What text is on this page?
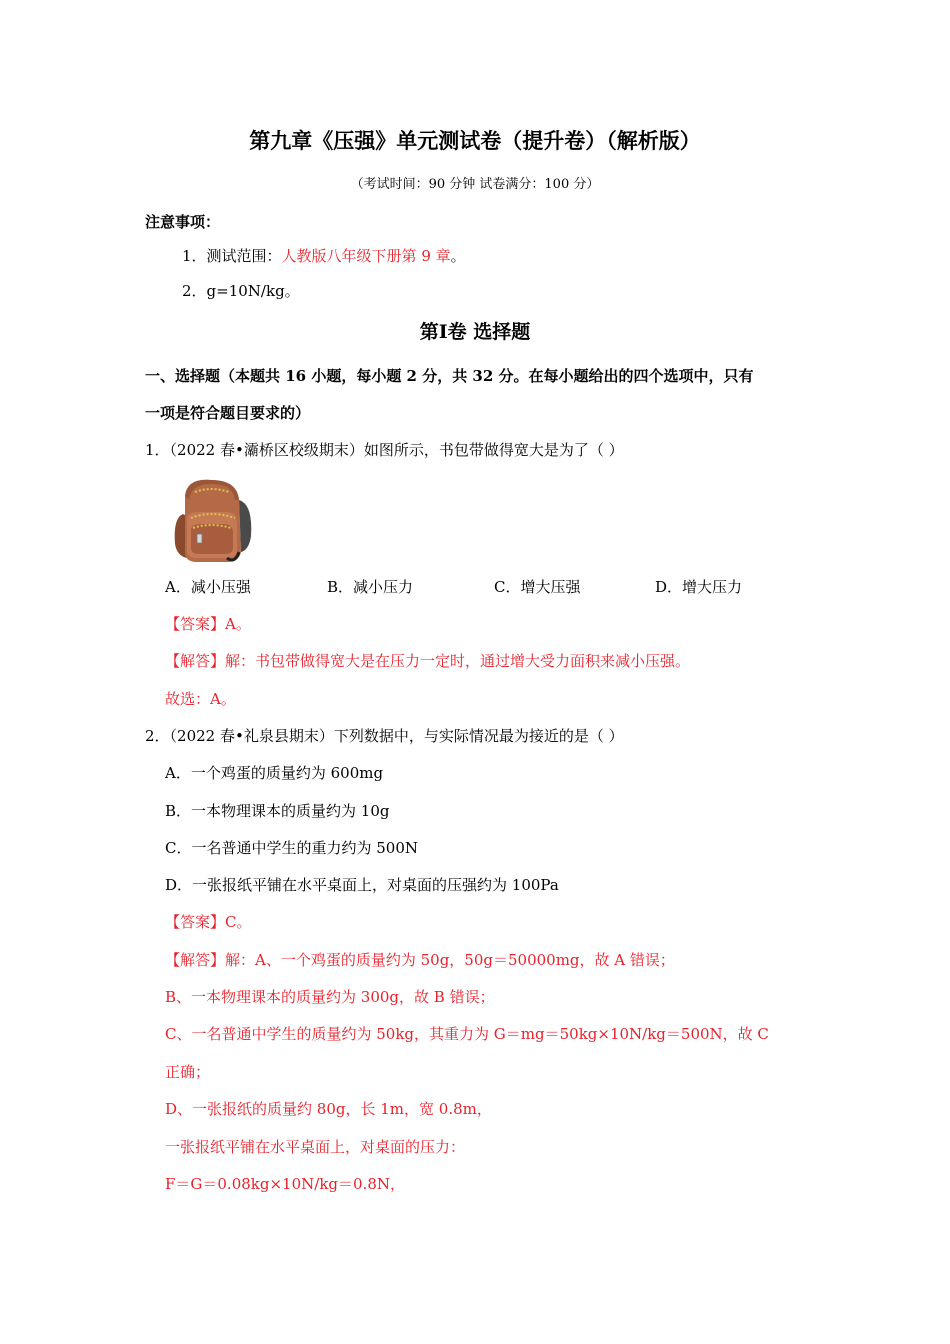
第九章《压强》单元测试卷（提升卷）（解析版）
（考试时间：90 分钟 试卷满分：100 分）
注意事项：
1．测试范围：人教版八年级下册第 9 章。
2．g=10N/kg。
第Ⅰ卷 选择题
一、选择题（本题共 16 小题，每小题 2 分，共 32 分。在每小题给出的四个选项中，只有
一项是符合题目要求的）
1．（2022 春•灞桥区校级期末）如图所示，书包带做得宽大是为了（ ）
A．减小压强	B．减小压力	C．增大压强	D．增大压力
【答案】A。
【解答】解：书包带做得宽大是在压力一定时，通过增大受力面积来减小压强。
故选：A。
2．（2022 春•礼泉县期末）下列数据中，与实际情况最为接近的是（ ）
A．一个鸡蛋的质量约为 600mg
B．一本物理课本的质量约为 10g
C．一名普通中学生的重力约为 500N
D．一张报纸平铺在水平桌面上，对桌面的压强约为 100Pa
【答案】C。
【解答】解：A、一个鸡蛋的质量约为 50g，50g＝50000mg，故 A 错误；
B、一本物理课本的质量约为 300g，故 B 错误；
C、一名普通中学生的质量约为 50kg，其重力为 G＝mg＝50kg×10N/kg＝500N，故 C
正确；
D、一张报纸的质量约 80g，长 1m，宽 0.8m，
一张报纸平铺在水平桌面上，对桌面的压力：
F＝G＝0.08kg×10N/kg＝0.8N，
